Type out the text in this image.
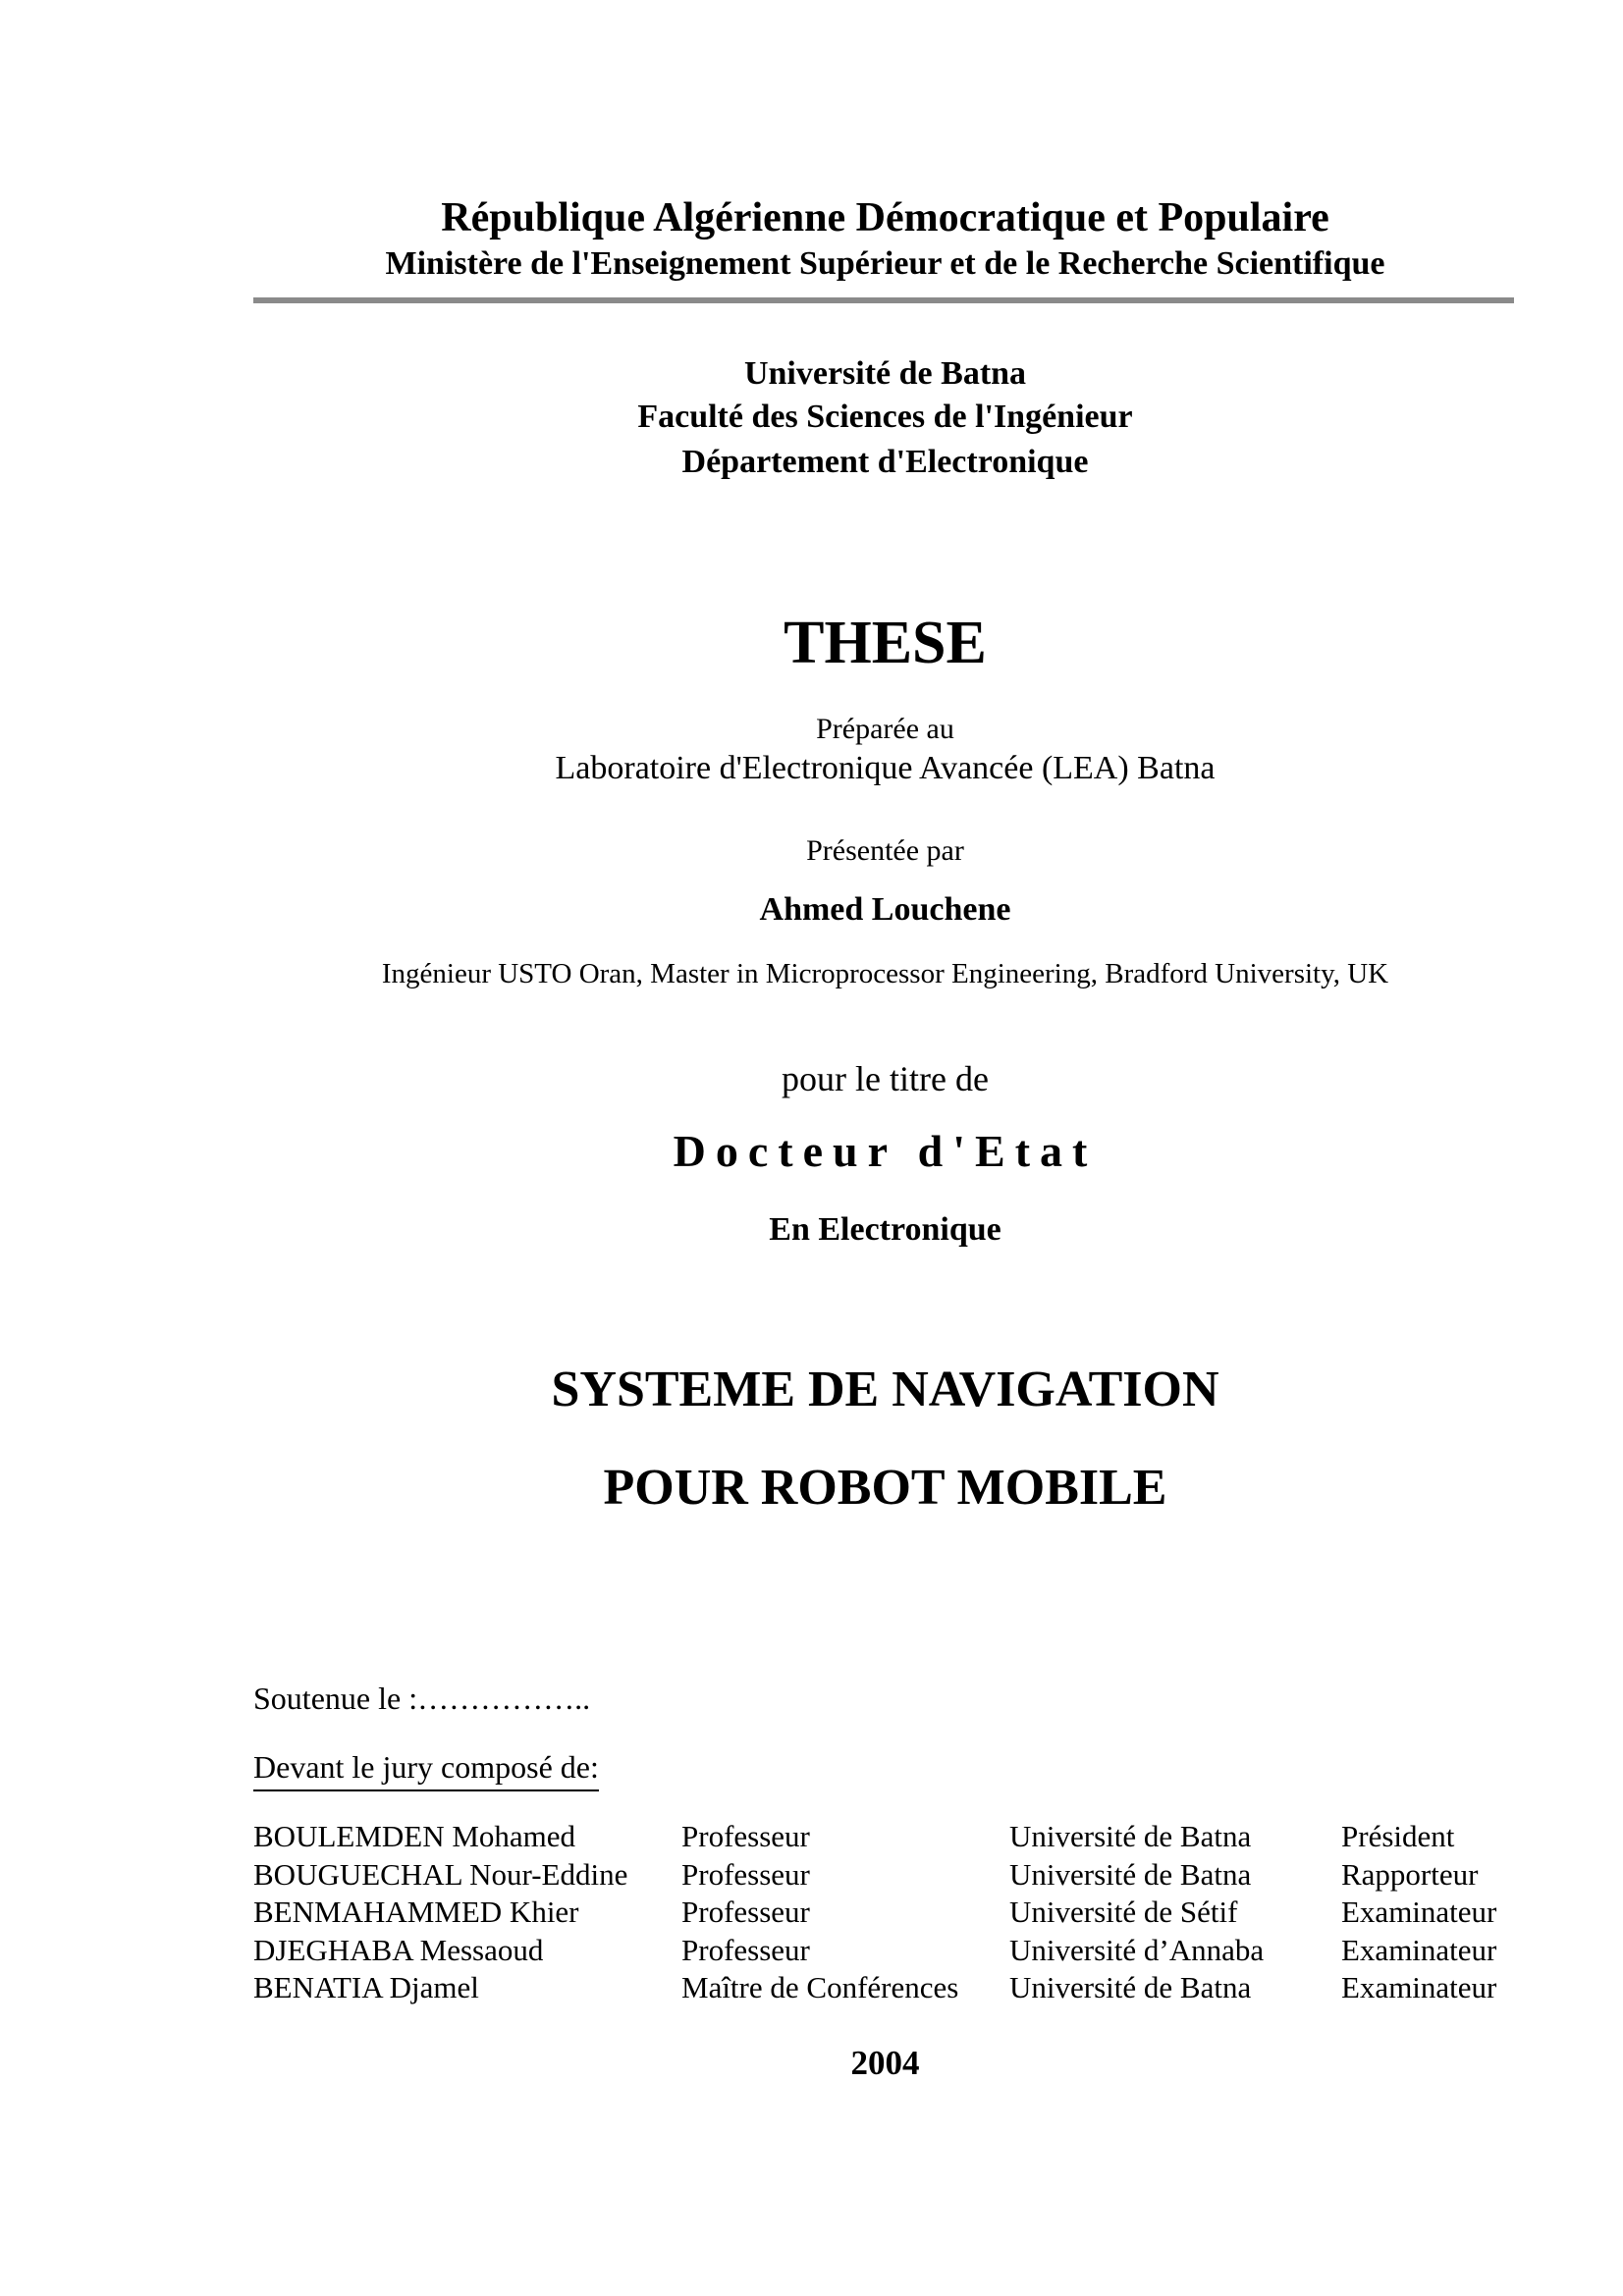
République Algérienne Démocratique et Populaire
Ministère de l'Enseignement Supérieur et de le Recherche Scientifique
Université de Batna
Faculté des Sciences de l'Ingénieur
Département d'Electronique
THESE
Préparée au
Laboratoire d'Electronique Avancée (LEA) Batna
Présentée par
Ahmed Louchene
Ingénieur USTO Oran, Master in Microprocessor Engineering, Bradford University, UK
pour le titre de
Docteur d'Etat
En Electronique
SYSTEME DE NAVIGATION
POUR ROBOT MOBILE
Soutenue le :……………..
Devant le jury composé de:
BOULEMDEN Mohamed	Professeur	Université de Batna	Président
BOUGUECHAL Nour-Eddine Professeur	Université de Batna	Rapporteur
BENMAHAMMED Khier	Professeur	Université de Sétif	Examinateur
DJEGHABA Messaoud	Professeur	Université d’Annaba	Examinateur
BENATIA Djamel	Maître de Conférences Université de Batna	Examinateur
2004
